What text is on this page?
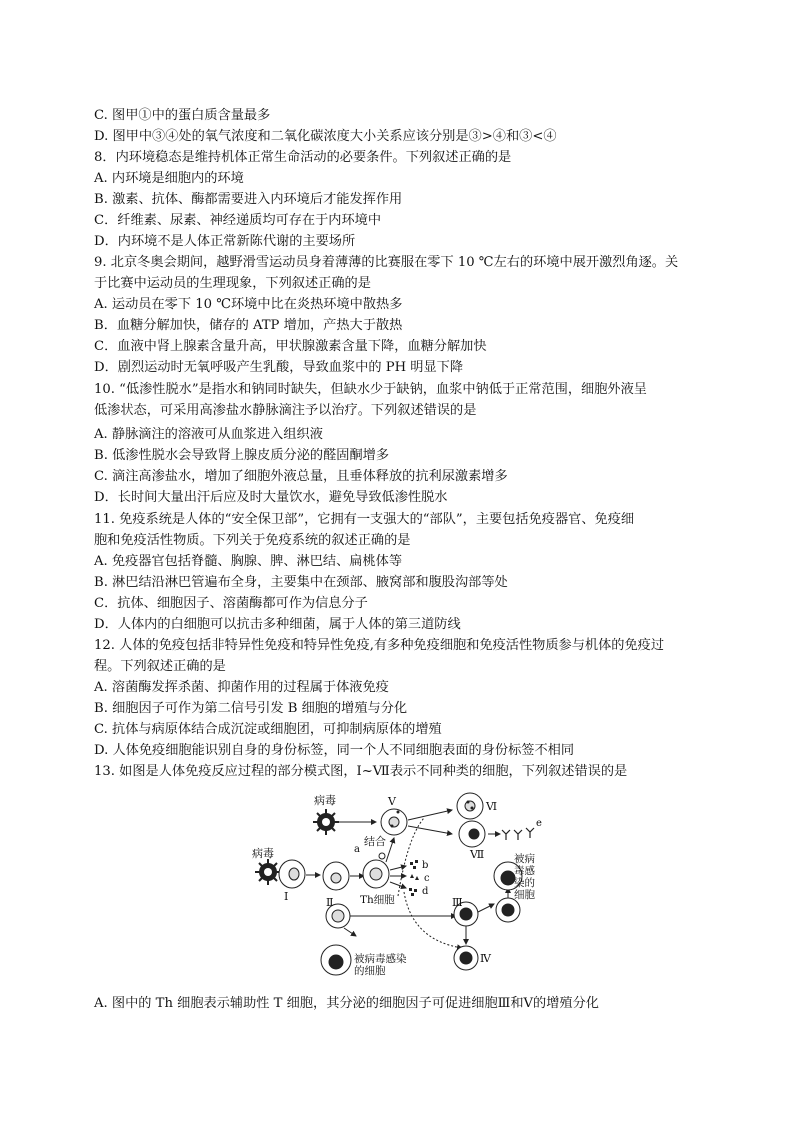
C. 图甲①中的蛋白质含量最多
D. 图甲中③④处的氧气浓度和二氧化碳浓度大小关系应该分别是③>④和③<④
8．内环境稳态是维持机体正常生命活动的必要条件。下列叙述正确的是
A. 内环境是细胞内的环境
B. 激素、抗体、酶都需要进入内环境后才能发挥作用
C．纤维素、尿素、神经递质均可存在于内环境中
D．内环境不是人体正常新陈代谢的主要场所
9. 北京冬奥会期间，越野滑雪运动员身着薄薄的比赛服在零下 10 ℃左右的环境中展开激烈角逐。关
于比赛中运动员的生理现象，下列叙述正确的是
A. 运动员在零下 10 ℃环境中比在炎热环境中散热多
B．血糖分解加快，储存的 ATP 增加，产热大于散热
C．血液中肾上腺素含量升高，甲状腺激素含量下降，血糖分解加快
D．剧烈运动时无氧呼吸产生乳酸，导致血浆中的 PH 明显下降
10. “低渗性脱水”是指水和钠同时缺失，但缺水少于缺钠，血浆中钠低于正常范围，细胞外液呈
低渗状态，可采用高渗盐水静脉滴注予以治疗。下列叙述错误的是
A. 静脉滴注的溶液可从血浆进入组织液
B. 低渗性脱水会导致肾上腺皮质分泌的醛固酮增多
C. 滴注高渗盐水，增加了细胞外液总量，且垂体释放的抗利尿激素增多
D．长时间大量出汗后应及时大量饮水，避免导致低渗性脱水
11. 免疫系统是人体的“安全保卫部”，它拥有一支强大的“部队”，主要包括免疫器官、免疫细
胞和免疫活性物质。下列关于免疫系统的叙述正确的是
A. 免疫器官包括脊髓、胸腺、脾、淋巴结、扁桃体等
B. 淋巴结沿淋巴管遍布全身，主要集中在颈部、腋窝部和腹股沟部等处
C．抗体、细胞因子、溶菌酶都可作为信息分子
D．人体内的白细胞可以抗击多种细菌，属于人体的第三道防线
12. 人体的免疫包括非特异性免疫和特异性免疫,有多种免疫细胞和免疫活性物质参与机体的免疫过
程。下列叙述正确的是
A. 溶菌酶发挥杀菌、抑菌作用的过程属于体液免疫
B. 细胞因子可作为第二信号引发 B 细胞的增殖与分化
C. 抗体与病原体结合成沉淀或细胞团，可抑制病原体的增殖
D. 人体免疫细胞能识别自身的身份标签，同一个人不同细胞表面的身份标签不相同
13. 如图是人体免疫反应过程的部分模式图，Ⅰ~Ⅶ表示不同种类的细胞，下列叙述错误的是
病毒
病毒
结合
a
b
c
d
e
Th细胞
被病
毒感
染的
细胞
被病毒感染
的细胞
Ⅰ	Ⅱ	Ⅲ
Ⅳ
Ⅴ	Ⅵ
Ⅶ
A. 图中的 Th 细胞表示辅助性 T 细胞，其分泌的细胞因子可促进细胞Ⅲ和Ⅴ的增殖分化
